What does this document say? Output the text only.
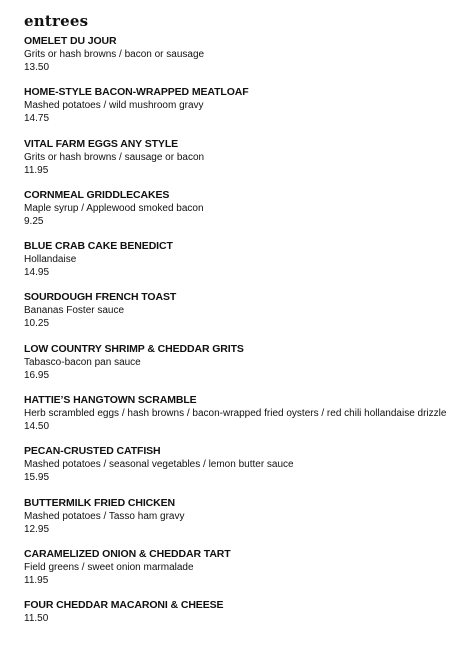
entrees
OMELET DU JOUR
Grits or hash browns / bacon or sausage
13.50
HOME-STYLE BACON-WRAPPED MEATLOAF
Mashed potatoes / wild mushroom gravy
14.75
VITAL FARM EGGS ANY STYLE
Grits or hash browns / sausage or bacon
11.95
CORNMEAL GRIDDLECAKES
Maple syrup / Applewood smoked bacon
9.25
BLUE CRAB CAKE BENEDICT
Hollandaise
14.95
SOURDOUGH FRENCH TOAST
Bananas Foster sauce
10.25
LOW COUNTRY SHRIMP & CHEDDAR GRITS
Tabasco-bacon pan sauce
16.95
HATTIE’S HANGTOWN SCRAMBLE
Herb scrambled eggs / hash browns / bacon-wrapped fried oysters / red chili hollandaise drizzle
14.50
PECAN-CRUSTED CATFISH
Mashed potatoes / seasonal vegetables / lemon butter sauce
15.95
BUTTERMILK FRIED CHICKEN
Mashed potatoes / Tasso ham gravy
12.95
CARAMELIZED ONION & CHEDDAR TART
Field greens / sweet onion marmalade
11.95
FOUR CHEDDAR MACARONI & CHEESE
11.50
